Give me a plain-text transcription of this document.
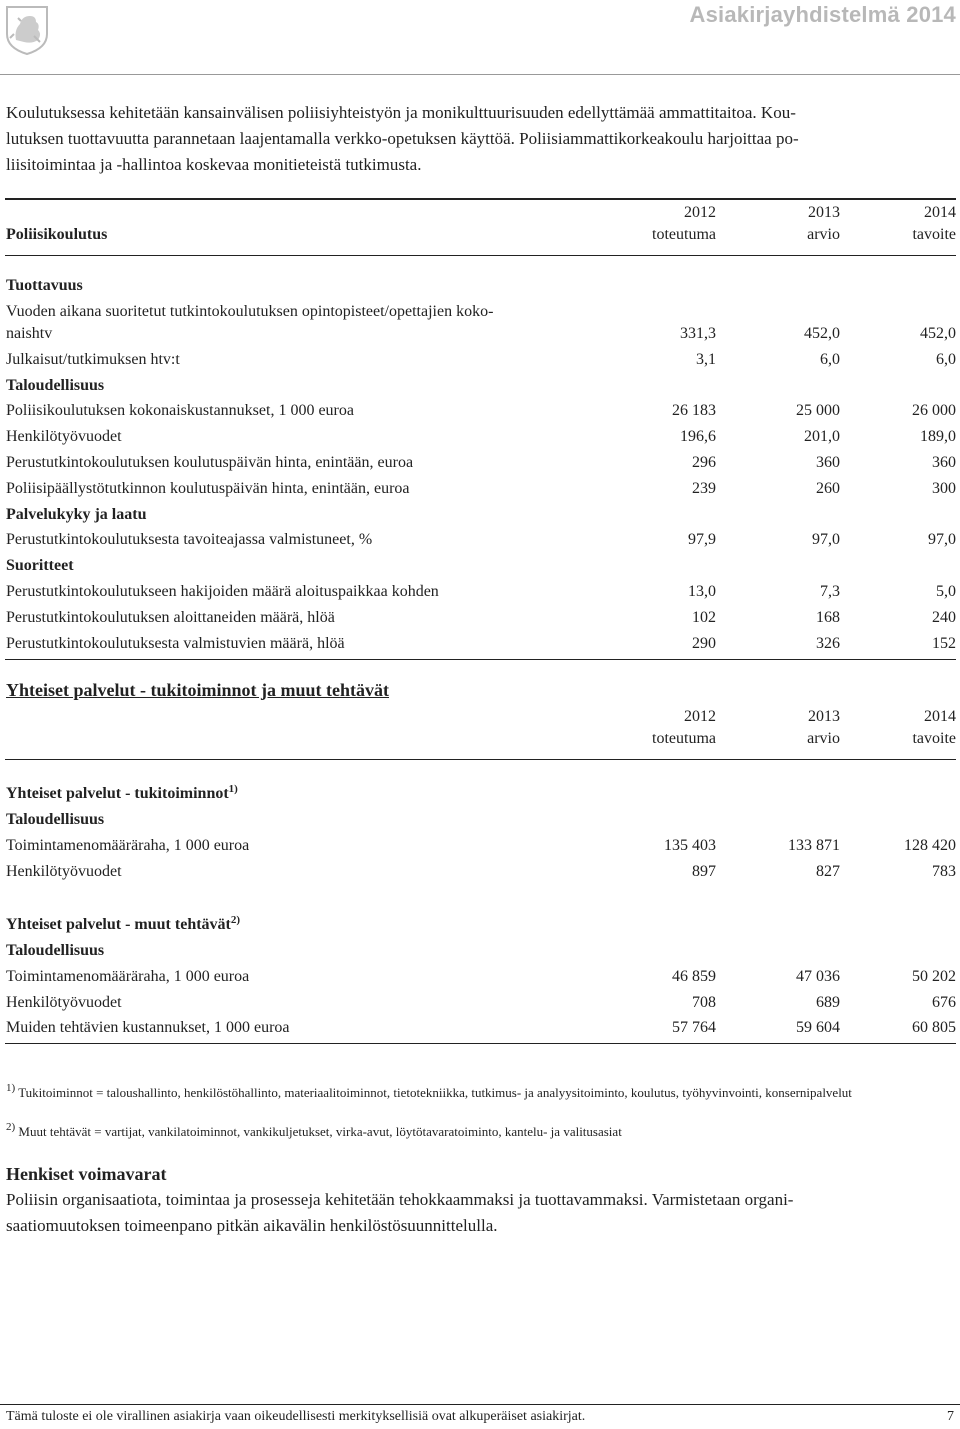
Asiakirjayhdistelmä 2014

Koulutuksessa kehitetään kansainvälisen poliisiyhteistyön ja monikulttuurisuuden edellyttämää ammattitaitoa. Kou-
lutuksen tuottavuutta parannetaan laajentamalla verkko-opetuksen käyttöä. Poliisiammattikorkeakoulu harjoittaa po-
liisitoimintaa ja -hallintoa koskevaa monitieteistä tutkimusta.

2012	2013	2014
Poliisikoulutus	toteutuma	arvio	tavoite
Tuottavuus
Vuoden aikana suoritetut tutkintokoulutuksen opintopisteet/opettajien koko-
naishtv	331,3	452,0	452,0
Julkaisut/tutkimuksen htv:t	3,1	6,0	6,0
Taloudellisuus
Poliisikoulutuksen kokonaiskustannukset, 1 000 euroa	26 183	25 000	26 000
Henkilötyövuodet	196,6	201,0	189,0
Perustutkintokoulutuksen koulutuspäivän hinta, enintään, euroa	296	360	360
Poliisipäällystötutkinnon koulutuspäivän hinta, enintään, euroa	239	260	300
Palvelukyky ja laatu
Perustutkintokoulutuksesta tavoiteajassa valmistuneet, %	97,9	97,0	97,0
Suoritteet
Perustutkintokoulutukseen hakijoiden määrä aloituspaikkaa kohden	13,0	7,3	5,0
Perustutkintokoulutuksen aloittaneiden määrä, hlöä	102	168	240
Perustutkintokoulutuksesta valmistuvien määrä, hlöä	290	326	152
Yhteiset palvelut - tukitoiminnot ja muut tehtävät
2012	2013	2014
toteutuma	arvio	tavoite
Yhteiset palvelut - tukitoiminnot$^{1)}$
Taloudellisuus
Toimintamenomääräraha, 1 000 euroa	135 403	133 871	128 420
Henkilötyövuodet	897	827	783
Yhteiset palvelut - muut tehtävät$^{2)}$
Taloudellisuus
Toimintamenomääräraha, 1 000 euroa	46 859	47 036	50 202
Henkilötyövuodet	708	689	676
Muiden tehtävien kustannukset, 1 000 euroa	57 764	59 604	60 805
$^{1)}$ Tukitoiminnot = taloushallinto, henkilöstöhallinto, materiaalitoiminnot, tietotekniikka, tutkimus- ja analyysitoiminto, koulutus, työhyvinvointi, konsernipalvelut
$^{2)}$ Muut tehtävät = vartijat, vankilatoiminnot, vankikuljetukset, virka-avut, löytötavaratoiminto, kantelu- ja valitusasiat
Henkiset voimavarat

Poliisin organisaatiota, toimintaa ja prosesseja kehitetään tehokkaammaksi ja tuottavammaksi. Varmistetaan organi-
saatiomuutoksen toimeenpano pitkän aikavälin henkilöstösuunnittelulla.

Tämä tuloste ei ole virallinen asiakirja vaan oikeudellisesti merkityksellisiä ovat alkuperäiset asiakirjat.	7
